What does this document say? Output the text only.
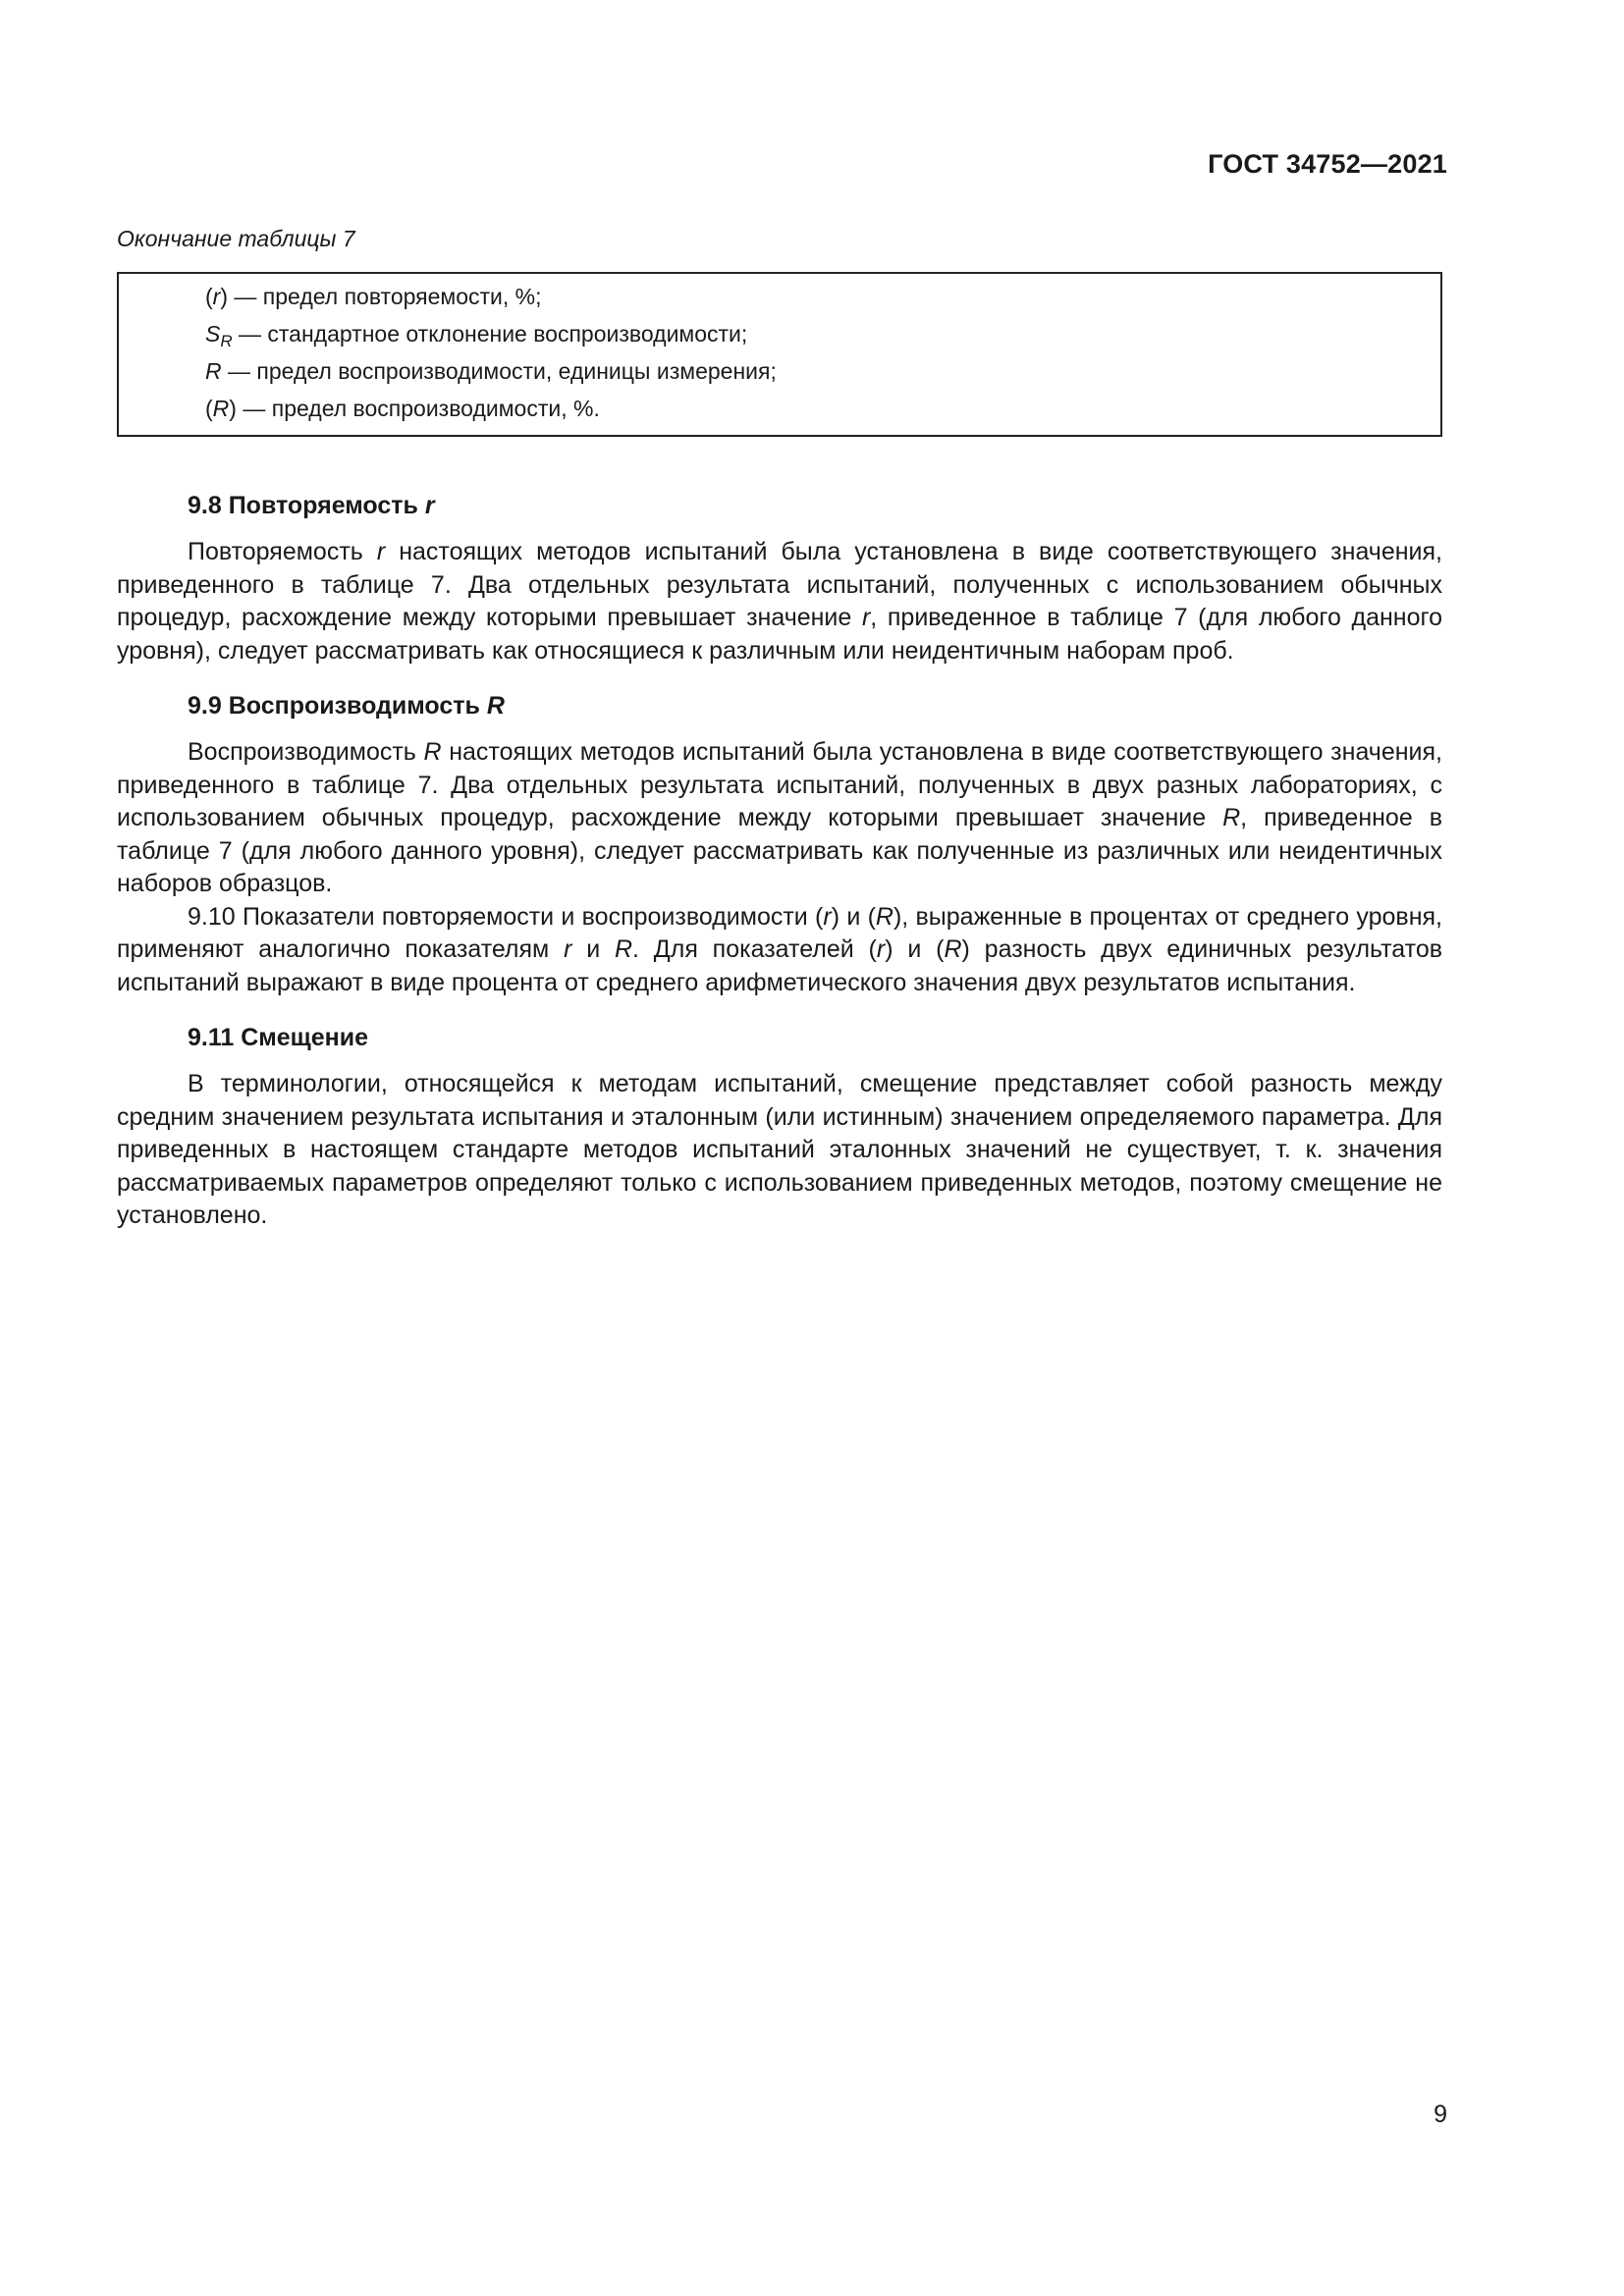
ГОСТ 34752—2021
Окончание таблицы 7
(r) — предел повторяемости, %;
$S_R$ — стандартное отклонение воспроизводимости;
R — предел воспроизводимости, единицы измерения;
(R) — предел воспроизводимости, %.
9.8 Повторяемость r

Повторяемость r настоящих методов испытаний была установлена в виде соответствующего значения, приведенного в таблице 7. Два отдельных результата испытаний, полученных с использованием обычных процедур, расхождение между которыми превышает значение r, приведенное в таблице 7 (для любого данного уровня), следует рассматривать как относящиеся к различным или неидентичным наборам проб.

9.9 Воспроизводимость R

Воспроизводимость R настоящих методов испытаний была установлена в виде соответствующего значения, приведенного в таблице 7. Два отдельных результата испытаний, полученных в двух разных лабораториях, с использованием обычных процедур, расхождение между которыми превышает значение R, приведенное в таблице 7 (для любого данного уровня), следует рассматривать как полученные из различных или неидентичных наборов образцов.

9.10 Показатели повторяемости и воспроизводимости (r) и (R), выраженные в процентах от среднего уровня, применяют аналогично показателям r и R. Для показателей (r) и (R) разность двух единичных результатов испытаний выражают в виде процента от среднего арифметического значения двух результатов испытания.

9.11 Смещение

В терминологии, относящейся к методам испытаний, смещение представляет собой разность между средним значением результата испытания и эталонным (или истинным) значением определяемого параметра. Для приведенных в настоящем стандарте методов испытаний эталонных значений не существует, т. к. значения рассматриваемых параметров определяют только с использованием приведенных методов, поэтому смещение не установлено.

9
